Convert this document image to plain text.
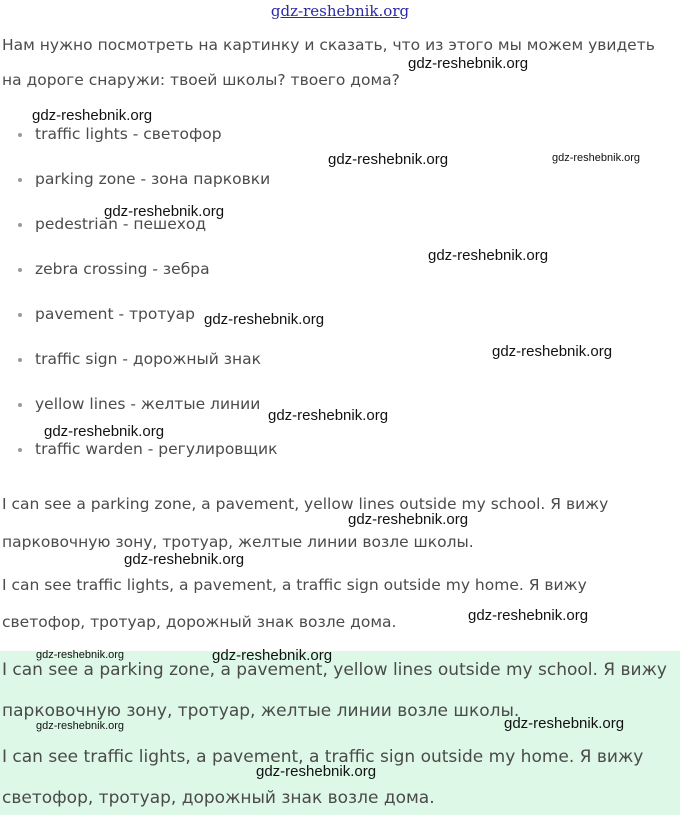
gdz-reshebnik.org
Нам нужно посмотреть на картинку и сказать, что из этого мы можем увидеть
на дороге снаружи: твоей школы? твоего дома?
traffic lights - светофор
parking zone - зона парковки
pedestrian - пешеход
zebra crossing - зебра
pavement - тротуар
traffic sign - дорожный знак
yellow lines - желтые линии
traffic warden - регулировщик
I can see a parking zone, a pavement, yellow lines outside my school. Я вижу
парковочную зону, тротуар, желтые линии возле школы.
I can see traffic lights, a pavement, a traffic sign outside my home. Я вижу
светофор, тротуар, дорожный знак возле дома.
I can see a parking zone, a pavement, yellow lines outside my school. Я вижу
парковочную зону, тротуар, желтые линии возле школы.
I can see traffic lights, a pavement, a traffic sign outside my home. Я вижу
светофор, тротуар, дорожный знак возле дома.
gdz-reshebnik.org
gdz-reshebnik.org
gdz-reshebnik.org	gdz-reshebnik.org
gdz-reshebnik.org
gdz-reshebnik.org
gdz-reshebnik.org
gdz-reshebnik.org
gdz-reshebnik.org
gdz-reshebnik.org
gdz-reshebnik.org
gdz-reshebnik.org
gdz-reshebnik.org
gdz-reshebnik.org	gdz-reshebnik.org
gdz-reshebnik.org	gdz-reshebnik.org
gdz-reshebnik.org
